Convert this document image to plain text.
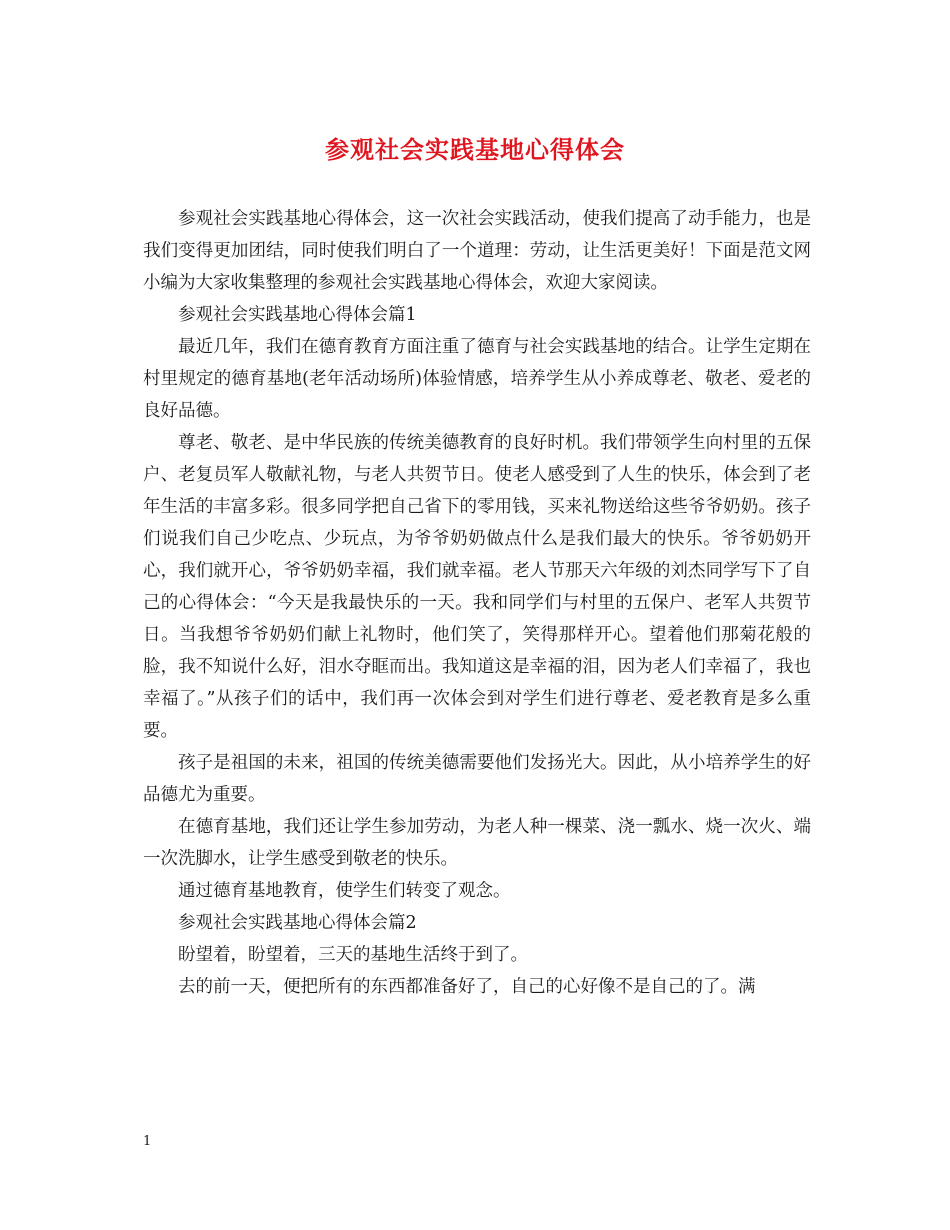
参观社会实践基地心得体会

参观社会实践基地心得体会，这一次社会实践活动，使我们提高了动手能力，也是我们变得更加团结，同时使我们明白了一个道理：劳动，让生活更美好！下面是范文网小编为大家收集整理的参观社会实践基地心得体会，欢迎大家阅读。

参观社会实践基地心得体会篇1

最近几年，我们在德育教育方面注重了德育与社会实践基地的结合。让学生定期在村里规定的德育基地(老年活动场所)体验情感，培养学生从小养成尊老、敬老、爱老的良好品德。

尊老、敬老、是中华民族的传统美德教育的良好时机。我们带领学生向村里的五保户、老复员军人敬献礼物，与老人共贺节日。使老人感受到了人生的快乐，体会到了老年生活的丰富多彩。很多同学把自己省下的零用钱，买来礼物送给这些爷爷奶奶。孩子们说我们自己少吃点、少玩点，为爷爷奶奶做点什么是我们最大的快乐。爷爷奶奶开心，我们就开心，爷爷奶奶幸福，我们就幸福。老人节那天六年级的刘杰同学写下了自己的心得体会：“今天是我最快乐的一天。我和同学们与村里的五保户、老军人共贺节日。当我想爷爷奶奶们献上礼物时，他们笑了，笑得那样开心。望着他们那菊花般的脸，我不知说什么好，泪水夺眶而出。我知道这是幸福的泪，因为老人们幸福了，我也幸福了。”从孩子们的话中，我们再一次体会到对学生们进行尊老、爱老教育是多么重要。

孩子是祖国的未来，祖国的传统美德需要他们发扬光大。因此，从小培养学生的好品德尤为重要。

在德育基地，我们还让学生参加劳动，为老人种一棵菜、浇一瓢水、烧一次火、端一次洗脚水，让学生感受到敬老的快乐。

通过德育基地教育，使学生们转变了观念。

参观社会实践基地心得体会篇2

盼望着，盼望着，三天的基地生活终于到了。

去的前一天，便把所有的东西都准备好了，自己的心好像不是自己的了。满

1
